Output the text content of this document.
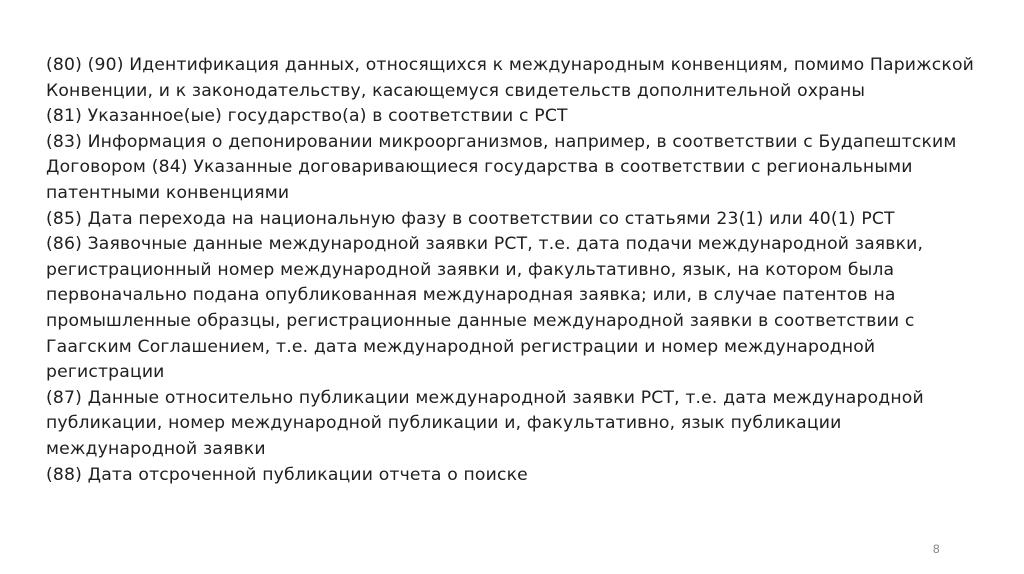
(80) (90) Идентификация данных, относящихся к международным конвенциям, помимо Парижской Конвенции, и к законодательству, касающемуся свидетельств дополнительной охраны

(81) Указанное(ые) государство(а) в соответствии с РСТ

(83) Информация о депонировании микроорганизмов, например, в соответствии с Будапештским Договором (84) Указанные договаривающиеся государства в соответствии с региональными патентными конвенциями

(85) Дата перехода на национальную фазу в соответствии со статьями 23(1) или 40(1) РСТ

(86) Заявочные данные международной заявки РСТ, т.е. дата подачи международной заявки, регистрационный номер международной заявки и, факультативно, язык, на котором была первоначально подана опубликованная международная заявка; или, в случае патентов на промышленные образцы, регистрационные данные международной заявки в соответствии с Гаагским Соглашением, т.е. дата международной регистрации и номер международной регистрации

(87) Данные относительно публикации международной заявки РСТ, т.е. дата международной публикации, номер международной публикации и, факультативно, язык публикации международной заявки

(88) Дата отсроченной публикации отчета о поиске

8
